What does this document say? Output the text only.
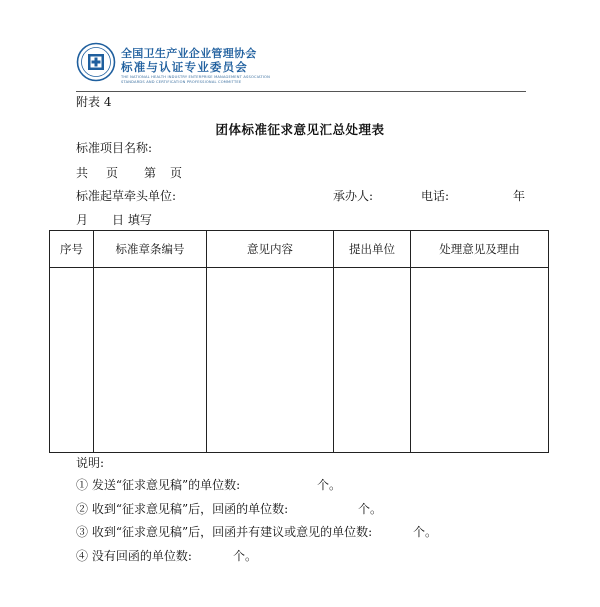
全国卫生产业企业管理协会
标准与认证专业委员会
THE NATIONAL HEALTH INDUSTRY ENTERPRISE MANAGEMENT ASSOCIATION
STANDARDS AND CERTIFICATION PROFESSIONAL COMMITTEE
附表 4
团体标准征求意见汇总处理表
标准项目名称:
共 页 第 页
标准起草牵头单位:	承办人:	电话:	年
月 日 填写
序号	标准章条编号	意见内容	提出单位	处理意见及理由

说明:
① 发送“征求意见稿”的单位数:	个。
② 收到“征求意见稿”后，回函的单位数:	个。
③ 收到“征求意见稿”后，回函并有建议或意见的单位数:	个。
④ 没有回函的单位数:	个。
